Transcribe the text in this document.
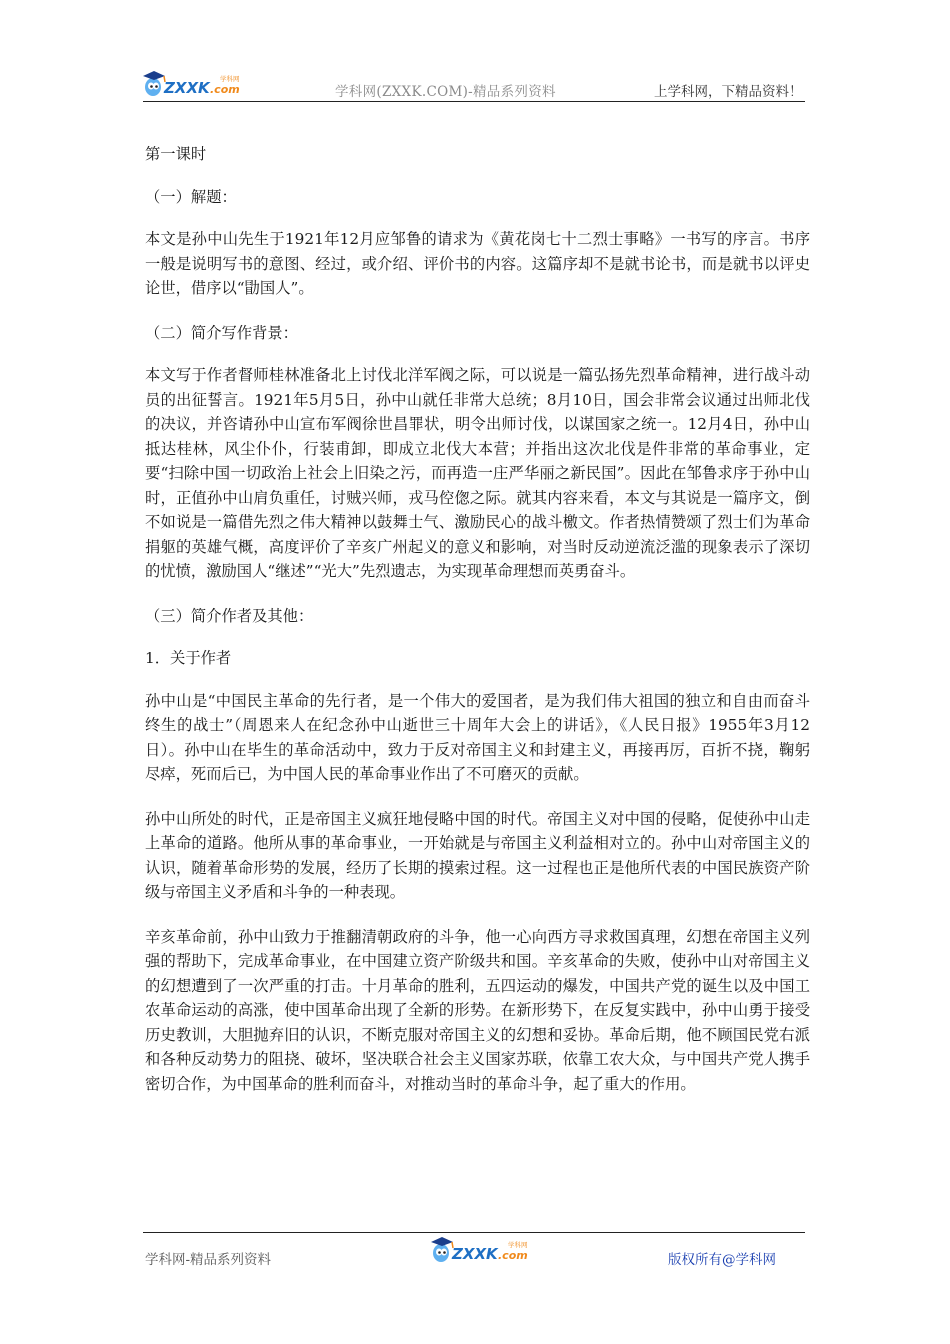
ZXXK .com
学科网
学科网(ZXXK.COM)-精品系列资料	上学科网，下精品资料！

第一课时

（一）解题：

本文是孙中山先生于1921年12月应邹鲁的请求为《黄花岗七十二烈士事略》一书写的序言。书序一般是说明写书的意图、经过，或介绍、评价书的内容。这篇序却不是就书论书，而是就书以评史论世，借序以“勖国人”。

（二）简介写作背景：

本文写于作者督师桂林准备北上讨伐北洋军阀之际，可以说是一篇弘扬先烈革命精神，进行战斗动员的出征誓言。1921年5月5日，孙中山就任非常大总统；8月10日，国会非常会议通过出师北伐的决议，并咨请孙中山宣布军阀徐世昌罪状，明令出师讨伐，以谋国家之统一。12月4日，孙中山抵达桂林，风尘仆仆，行装甫卸，即成立北伐大本营；并指出这次北伐是件非常的革命事业，定要“扫除中国一切政治上社会上旧染之污，而再造一庄严华丽之新民国”。因此在邹鲁求序于孙中山时，正值孙中山肩负重任，讨贼兴师，戎马倥偬之际。就其内容来看，本文与其说是一篇序文，倒不如说是一篇借先烈之伟大精神以鼓舞士气、激励民心的战斗檄文。作者热情赞颂了烈士们为革命捐躯的英雄气概，高度评价了辛亥广州起义的意义和影响，对当时反动逆流泛滥的现象表示了深切的忧愤，激励国人“继述”“光大”先烈遗志，为实现革命理想而英勇奋斗。

（三）简介作者及其他：

1．关于作者

孙中山是“中国民主革命的先行者，是一个伟大的爱国者，是为我们伟大祖国的独立和自由而奋斗终生的战士”（周恩来人在纪念孙中山逝世三十周年大会上的讲话》，《人民日报》1955年3月12日）。孙中山在毕生的革命活动中，致力于反对帝国主义和封建主义，再接再厉，百折不挠，鞠躬尽瘁，死而后已，为中国人民的革命事业作出了不可磨灭的贡献。

孙中山所处的时代，正是帝国主义疯狂地侵略中国的时代。帝国主义对中国的侵略，促使孙中山走上革命的道路。他所从事的革命事业，一开始就是与帝国主义利益相对立的。孙中山对帝国主义的认识，随着革命形势的发展，经历了长期的摸索过程。这一过程也正是他所代表的中国民族资产阶级与帝国主义矛盾和斗争的一种表现。

辛亥革命前，孙中山致力于推翻清朝政府的斗争，他一心向西方寻求救国真理，幻想在帝国主义列强的帮助下，完成革命事业，在中国建立资产阶级共和国。辛亥革命的失败，使孙中山对帝国主义的幻想遭到了一次严重的打击。十月革命的胜利，五四运动的爆发，中国共产党的诞生以及中国工农革命运动的高涨，使中国革命出现了全新的形势。在新形势下，在反复实践中，孙中山勇于接受历史教训，大胆抛弃旧的认识，不断克服对帝国主义的幻想和妥协。革命后期，他不顾国民党右派和各种反动势力的阻挠、破坏，坚决联合社会主义国家苏联，依靠工农大众，与中国共产党人携手密切合作，为中国革命的胜利而奋斗，对推动当时的革命斗争，起了重大的作用。

学科网-精品系列资料	ZXXK .com
学科网
版权所有@学科网
